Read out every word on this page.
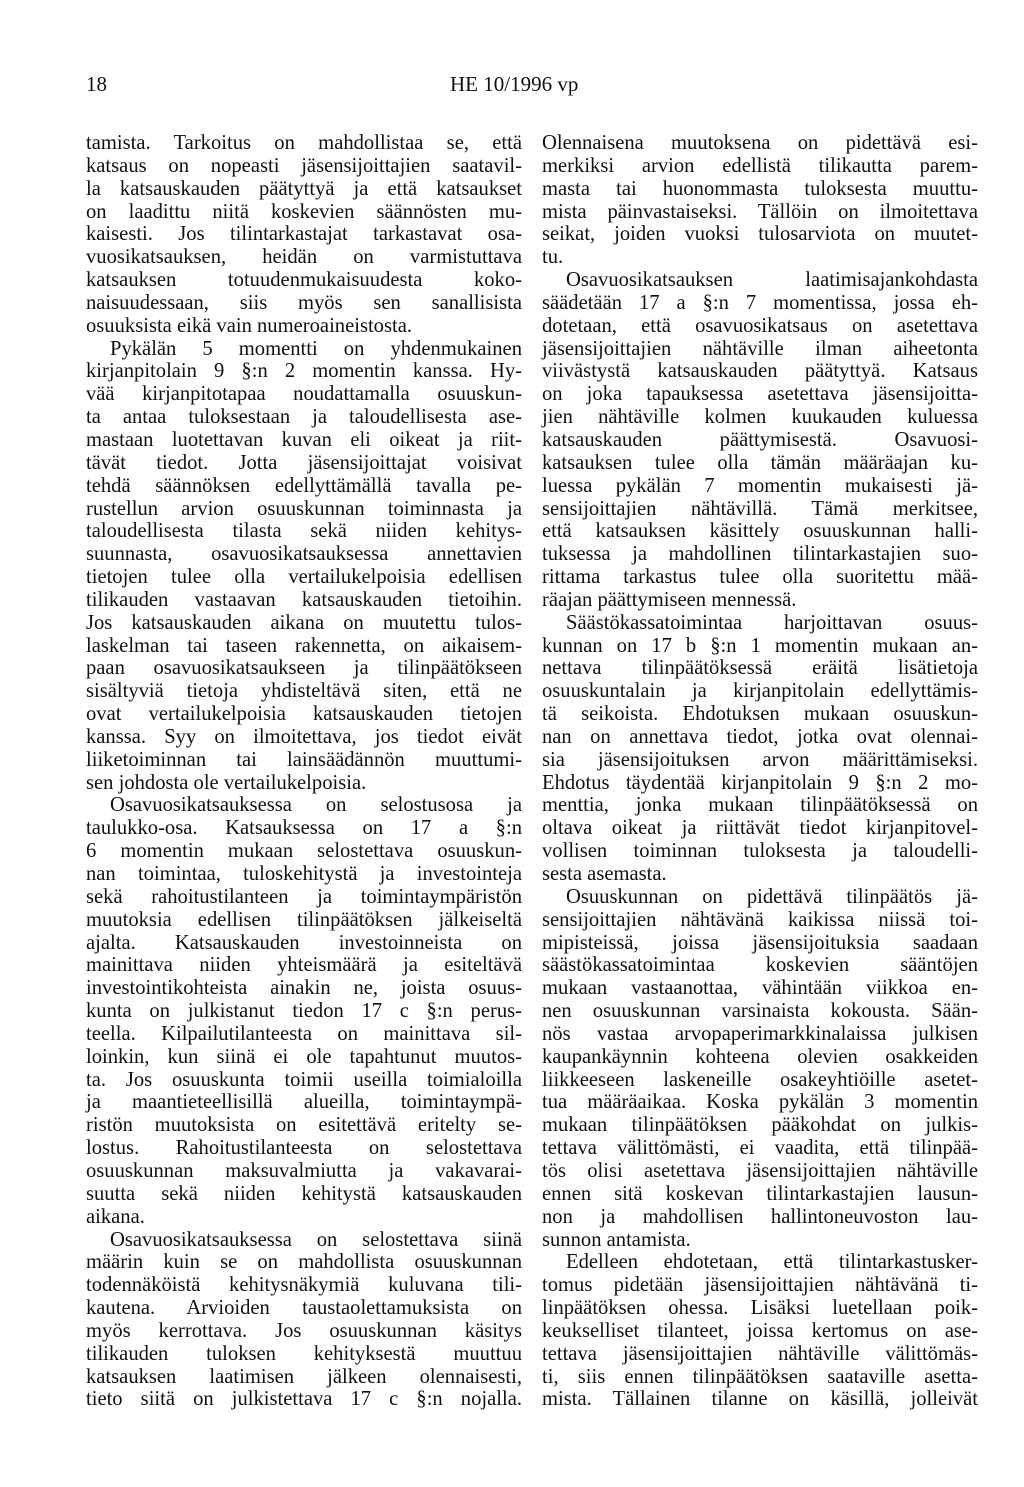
18	HE 10/1996 vp
tamista. Tarkoitus on mahdollistaa se, että
katsaus on nopeasti jäsensijoittajien saatavil-
la katsauskauden päätyttyä ja että katsaukset
on laadittu niitä koskevien säännösten mu-
kaisesti. Jos tilintarkastajat tarkastavat osa-
vuosikatsauksen, heidän on varmistuttava
katsauksen totuudenmukaisuudesta koko-
naisuudessaan, siis myös sen sanallisista
osuuksista eikä vain numeroaineistosta.
Pykälän 5 momentti on yhdenmukainen
kirjanpitolain 9 §:n 2 momentin kanssa. Hy-
vää kirjanpitotapaa noudattamalla osuuskun-
ta antaa tuloksestaan ja taloudellisesta ase-
mastaan luotettavan kuvan eli oikeat ja riit-
tävät tiedot. Jotta jäsensijoittajat voisivat
tehdä säännöksen edellyttämällä tavalla pe-
rustellun arvion osuuskunnan toiminnasta ja
taloudellisesta tilasta sekä niiden kehitys-
suunnasta, osavuosikatsauksessa annettavien
tietojen tulee olla vertailukelpoisia edellisen
tilikauden vastaavan katsauskauden tietoihin.
Jos katsauskauden aikana on muutettu tulos-
laskelman tai taseen rakennetta, on aikaisem-
paan osavuosikatsaukseen ja tilinpäätökseen
sisältyviä tietoja yhdisteltävä siten, että ne
ovat vertailukelpoisia katsauskauden tietojen
kanssa. Syy on ilmoitettava, jos tiedot eivät
liiketoiminnan tai lainsäädännön muuttumi-
sen johdosta ole vertailukelpoisia.
Osavuosikatsauksessa on selostusosa ja
taulukko-osa. Katsauksessa on 17 a §:n
6 momentin mukaan selostettava osuuskun-
nan toimintaa, tuloskehitystä ja investointeja
sekä rahoitustilanteen ja toimintaympäristön
muutoksia edellisen tilinpäätöksen jälkeiseltä
ajalta. Katsauskauden investoinneista on
mainittava niiden yhteismäärä ja esiteltävä
investointikohteista ainakin ne, joista osuus-
kunta on julkistanut tiedon 17 c §:n perus-
teella. Kilpailutilanteesta on mainittava sil-
loinkin, kun siinä ei ole tapahtunut muutos-
ta. Jos osuuskunta toimii useilla toimialoilla
ja maantieteellisillä alueilla, toimintaympä-
ristön muutoksista on esitettävä eritelty se-
lostus. Rahoitustilanteesta on selostettava
osuuskunnan maksuvalmiutta ja vakavarai-
suutta sekä niiden kehitystä katsauskauden
aikana.
Osavuosikatsauksessa on selostettava siinä
määrin kuin se on mahdollista osuuskunnan
todennäköistä kehitysnäkymiä kuluvana tili-
kautena. Arvioiden taustaolettamuksista on
myös kerrottava. Jos osuuskunnan käsitys
tilikauden tuloksen kehityksestä muuttuu
katsauksen laatimisen jälkeen olennaisesti,
tieto siitä on julkistettava 17 c §:n nojalla.
Olennaisena muutoksena on pidettävä esi-
merkiksi arvion edellistä tilikautta parem-
masta tai huonommasta tuloksesta muuttu-
mista päinvastaiseksi. Tällöin on ilmoitettava
seikat, joiden vuoksi tulosarviota on muutet-
tu.
Osavuosikatsauksen laatimisajankohdasta
säädetään 17 a §:n 7 momentissa, jossa eh-
dotetaan, että osavuosikatsaus on asetettava
jäsensijoittajien nähtäville ilman aiheetonta
viivästystä katsauskauden päätyttyä. Katsaus
on joka tapauksessa asetettava jäsensijoitta-
jien nähtäville kolmen kuukauden kuluessa
katsauskauden päättymisestä. Osavuosi-
katsauksen tulee olla tämän määräajan ku-
luessa pykälän 7 momentin mukaisesti jä-
sensijoittajien nähtävillä. Tämä merkitsee,
että katsauksen käsittely osuuskunnan halli-
tuksessa ja mahdollinen tilintarkastajien suo-
rittama tarkastus tulee olla suoritettu mää-
räajan päättymiseen mennessä.
Säästökassatoimintaa harjoittavan osuus-
kunnan on 17 b §:n 1 momentin mukaan an-
nettava tilinpäätöksessä eräitä lisätietoja
osuuskuntalain ja kirjanpitolain edellyttämis-
tä seikoista. Ehdotuksen mukaan osuuskun-
nan on annettava tiedot, jotka ovat olennai-
sia jäsensijoituksen arvon määrittämiseksi.
Ehdotus täydentää kirjanpitolain 9 §:n 2 mo-
menttia, jonka mukaan tilinpäätöksessä on
oltava oikeat ja riittävät tiedot kirjanpitovel-
vollisen toiminnan tuloksesta ja taloudelli-
sesta asemasta.
Osuuskunnan on pidettävä tilinpäätös jä-
sensijoittajien nähtävänä kaikissa niissä toi-
mipisteissä, joissa jäsensijoituksia saadaan
säästökassatoimintaa koskevien sääntöjen
mukaan vastaanottaa, vähintään viikkoa en-
nen osuuskunnan varsinaista kokousta. Sään-
nös vastaa arvopaperimarkkinalaissa julkisen
kaupankäynnin kohteena olevien osakkeiden
liikkeeseen laskeneille osakeyhtiöille asetet-
tua määräaikaa. Koska pykälän 3 momentin
mukaan tilinpäätöksen pääkohdat on julkis-
tettava välittömästi, ei vaadita, että tilinpää-
tös olisi asetettava jäsensijoittajien nähtäville
ennen sitä koskevan tilintarkastajien lausun-
non ja mahdollisen hallintoneuvoston lau-
sunnon antamista.
Edelleen ehdotetaan, että tilintarkastusker-
tomus pidetään jäsensijoittajien nähtävänä ti-
linpäätöksen ohessa. Lisäksi luetellaan poik-
keukselliset tilanteet, joissa kertomus on ase-
tettava jäsensijoittajien nähtäville välittömäs-
ti, siis ennen tilinpäätöksen saataville asetta-
mista. Tällainen tilanne on käsillä, jolleivät
